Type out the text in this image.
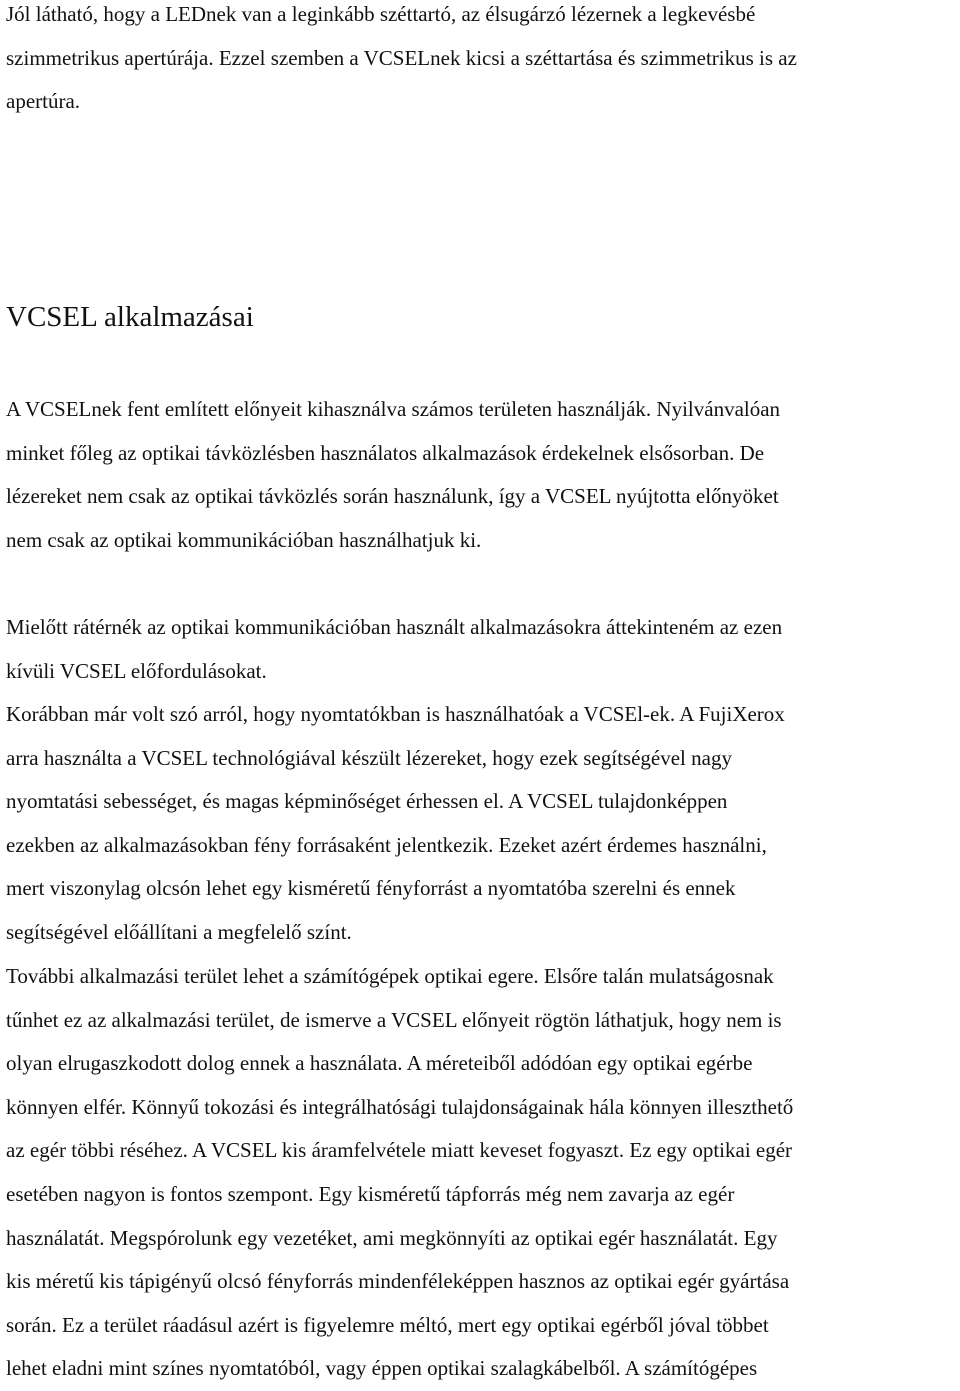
Jól látható, hogy a LEDnek van a leginkább széttartó, az élsugárzó lézernek a legkevésbé
szimmetrikus apertúrája. Ezzel szemben a VCSELnek kicsi a széttartása és szimmetrikus is az
apertúra.

VCSEL alkalmazásai

A VCSELnek fent említett előnyeit kihasználva számos területen használják. Nyilvánvalóan
minket főleg az optikai távközlésben használatos alkalmazások érdekelnek elsősorban. De
lézereket nem csak az optikai távközlés során használunk, így a VCSEL nyújtotta előnyöket
nem csak az optikai kommunikációban használhatjuk ki.

Mielőtt rátérnék az optikai kommunikációban használt alkalmazásokra áttekinteném az ezen
kívüli VCSEL előfordulásokat.

Korábban már volt szó arról, hogy nyomtatókban is használhatóak a VCSEl-ek. A FujiXerox
arra használta a VCSEL technológiával készült lézereket, hogy ezek segítségével nagy
nyomtatási sebességet, és magas képminőséget érhessen el. A VCSEL tulajdonképpen
ezekben az alkalmazásokban fény forrásaként jelentkezik. Ezeket azért érdemes használni,
mert viszonylag olcsón lehet egy kisméretű fényforrást a nyomtatóba szerelni és ennek
segítségével előállítani a megfelelő színt.

További alkalmazási terület lehet a számítógépek optikai egere. Elsőre talán mulatságosnak
tűnhet ez az alkalmazási terület, de ismerve a VCSEL előnyeit rögtön láthatjuk, hogy nem is
olyan elrugaszkodott dolog ennek a használata. A méreteiből adódóan egy optikai egérbe
könnyen elfér. Könnyű tokozási és integrálhatósági tulajdonságainak hála könnyen illeszthető
az egér többi réséhez. A VCSEL kis áramfelvétele miatt keveset fogyaszt. Ez egy optikai egér
esetében nagyon is fontos szempont. Egy kisméretű tápforrás még nem zavarja az egér
használatát. Megspórolunk egy vezetéket, ami megkönnyíti az optikai egér használatát. Egy
kis méretű kis tápigényű olcsó fényforrás mindenféleképpen hasznos az optikai egér gyártása
során. Ez a terület ráadásul azért is figyelemre méltó, mert egy optikai egérből jóval többet
lehet eladni mint színes nyomtatóból, vagy éppen optikai szalagkábelből. A számítógépes
